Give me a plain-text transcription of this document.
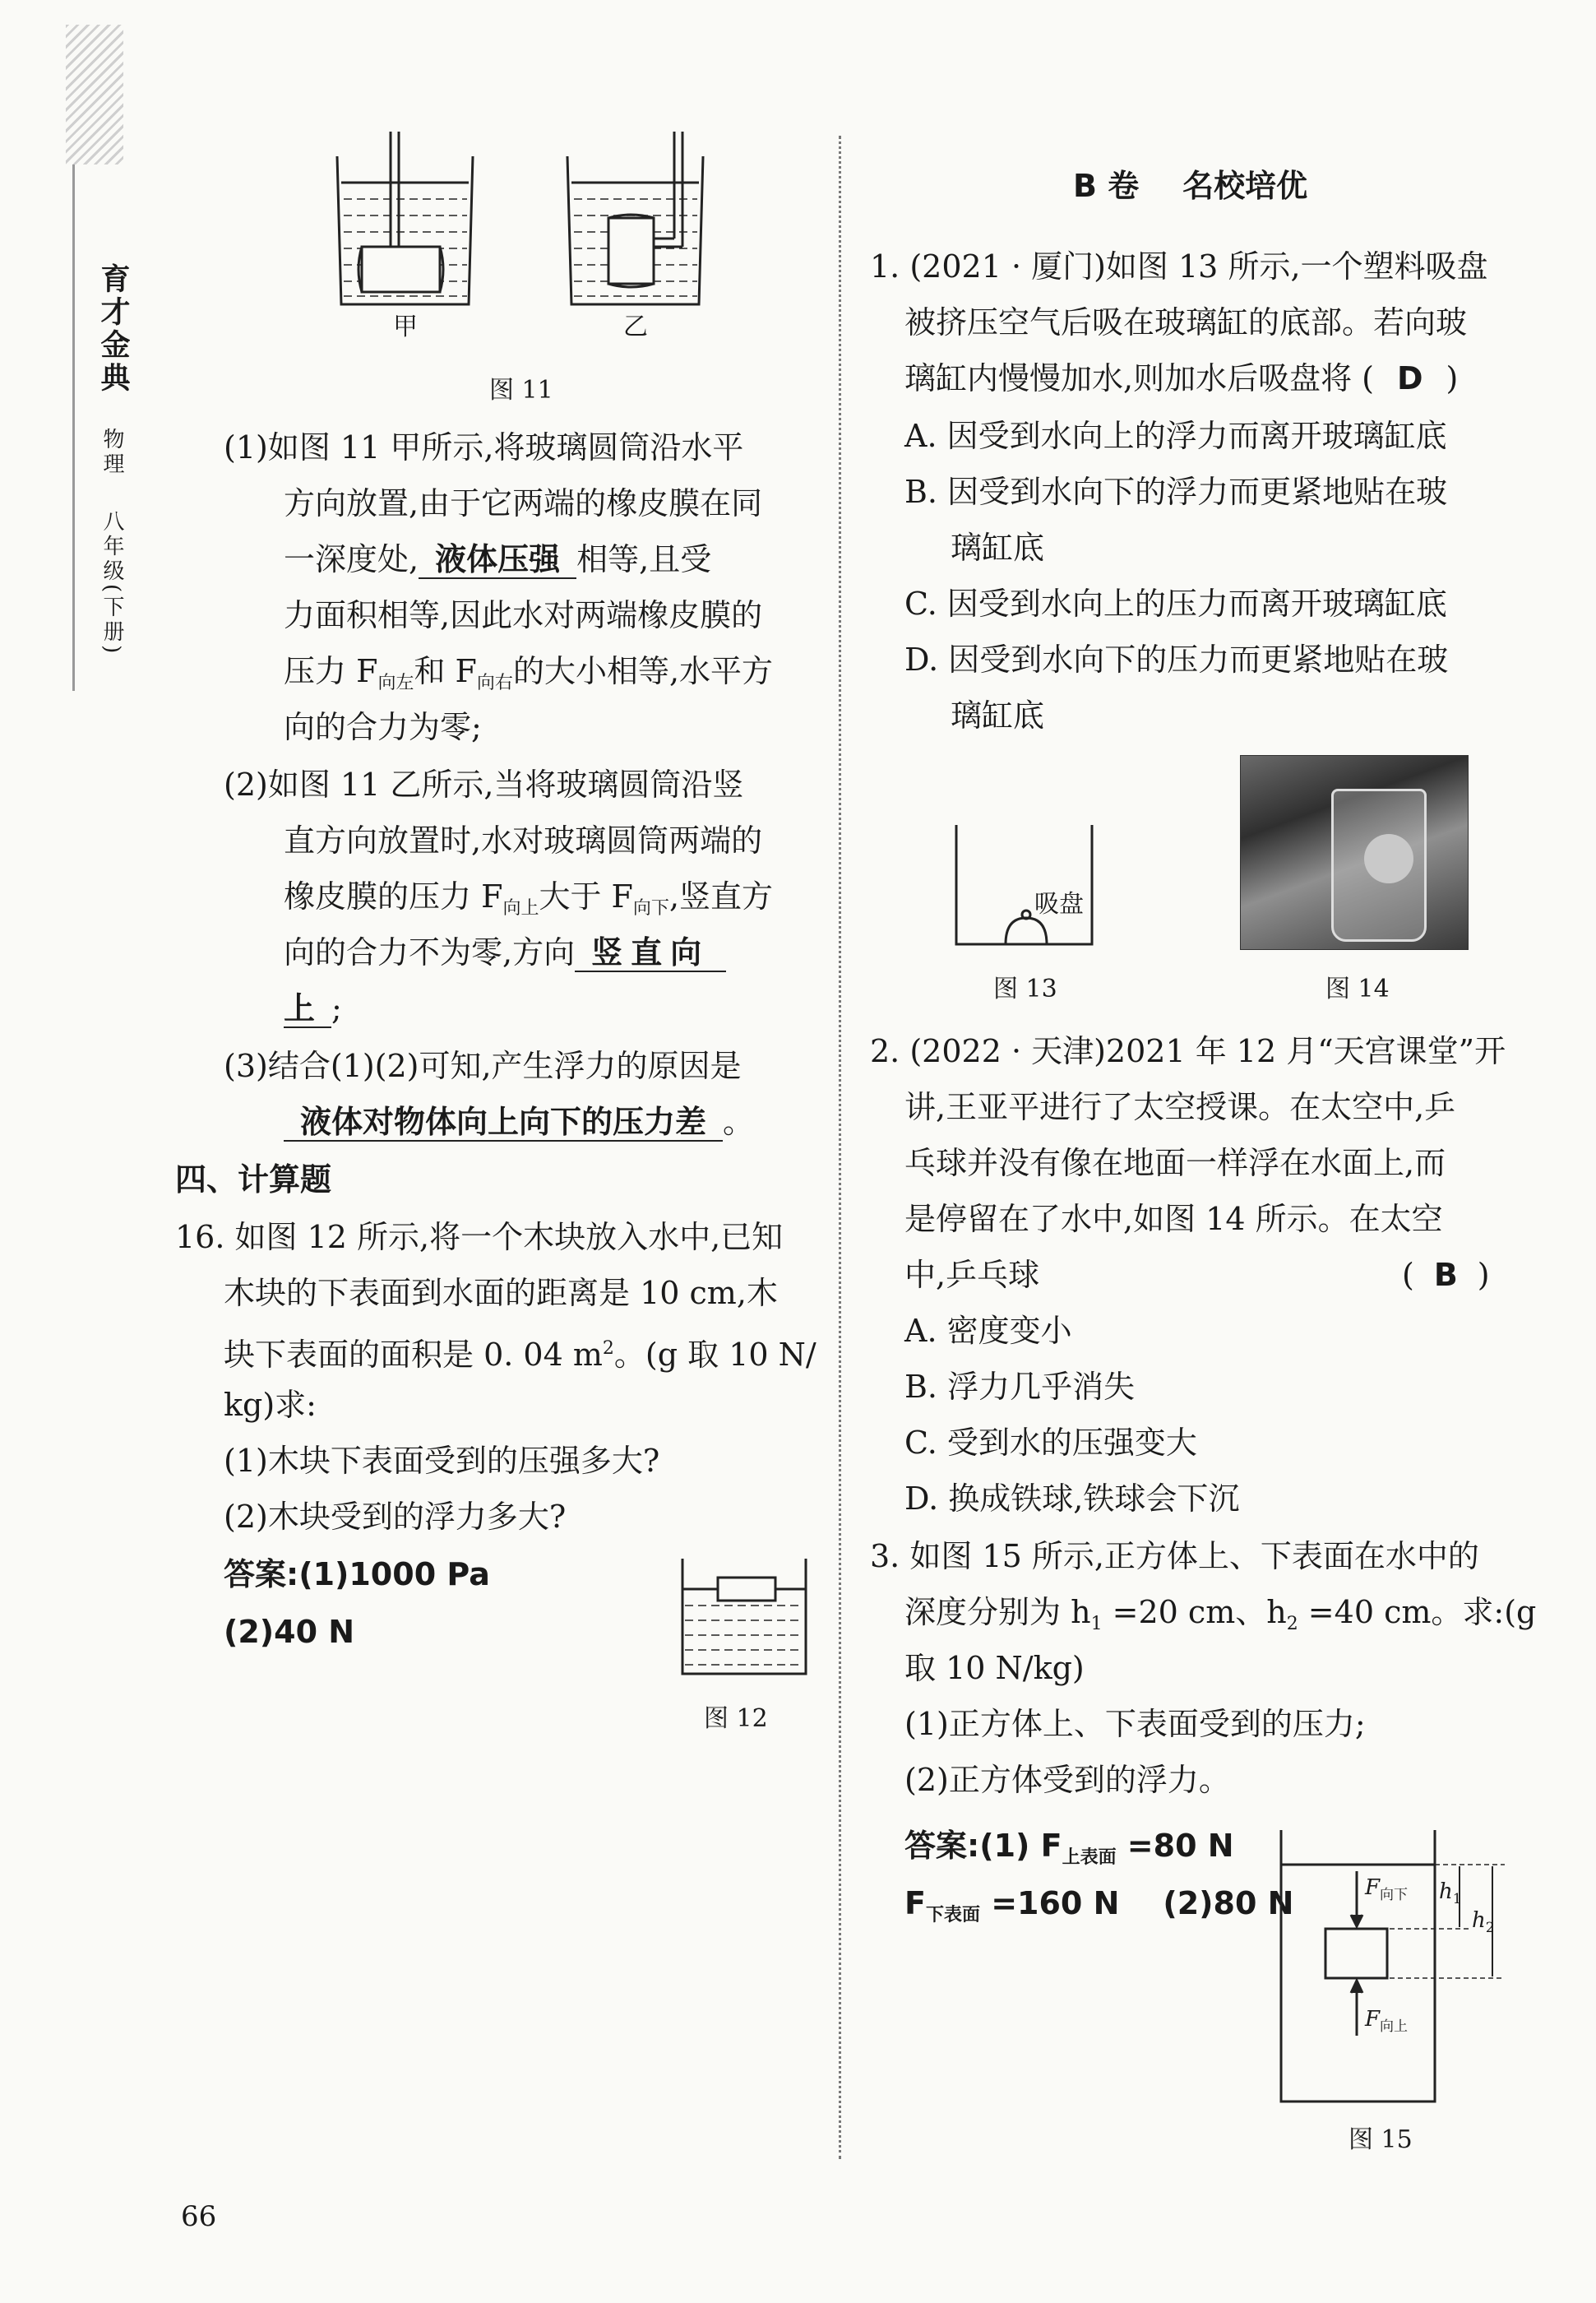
育才金典
物理
八年级(下册)
甲	乙
图 11
(1)如图 11 甲所示,将玻璃圆筒沿水平
方向放置,由于它两端的橡皮膜在同
一深度处, 液体压强 相等,且受
力面积相等,因此水对两端橡皮膜的
压力 $F_{向左}$和 $F_{向右}$的大小相等,水平方
向的合力为零;
(2)如图 11 乙所示,当将玻璃圆筒沿竖
直方向放置时,水对玻璃圆筒两端的
橡皮膜的压力 $F_{向上}$大于 $F_{向下}$,竖直方
向的合力不为零,方向 竖直向
上 ;
(3)结合(1)(2)可知,产生浮力的原因是
液体对物体向上向下的压力差 。
四、计算题
16. 如图 12 所示,将一个木块放入水中,已知
木块的下表面到水面的距离是 10 cm,木
块下表面的面积是 0. 04 $m^2$。(g 取 10 N/
kg)求:
(1)木块下表面受到的压强多大?
(2)木块受到的浮力多大?
答案:(1)1000 Pa
(2)40 N
图 12
66
B 卷    名校培优
1. (2021 · 厦门)如图 13 所示,一个塑料吸盘
被挤压空气后吸在玻璃缸的底部。若向玻
璃缸内慢慢加水,则加水后吸盘将 ( D )
A. 因受到水向上的浮力而离开玻璃缸底
B. 因受到水向下的浮力而更紧地贴在玻
璃缸底
C. 因受到水向上的压力而离开玻璃缸底
D. 因受到水向下的压力而更紧地贴在玻
璃缸底
吸盘
图 13	图 14
2. (2022 · 天津)2021 年 12 月“天宫课堂”开
讲,王亚平进行了太空授课。在太空中,乒
乓球并没有像在地面一样浮在水面上,而
是停留在了水中,如图 14 所示。在太空
中,乒乓球	( B )
A. 密度变小
B. 浮力几乎消失
C. 受到水的压强变大
D. 换成铁球,铁球会下沉
3. 如图 15 所示,正方体上、下表面在水中的
深度分别为 $h_1 =20$ cm、$h_2 =40$ cm。求:(g
取 10 N/kg)
(1)正方体上、下表面受到的压力;
(2)正方体受到的浮力。
答案:(1) $F_{上表面} =80$ N
$F_{下表面} =160$ N    (2)80 N	$F_{向下}$
$F_{向上}$
$h_1$
$h_2$
图 15
